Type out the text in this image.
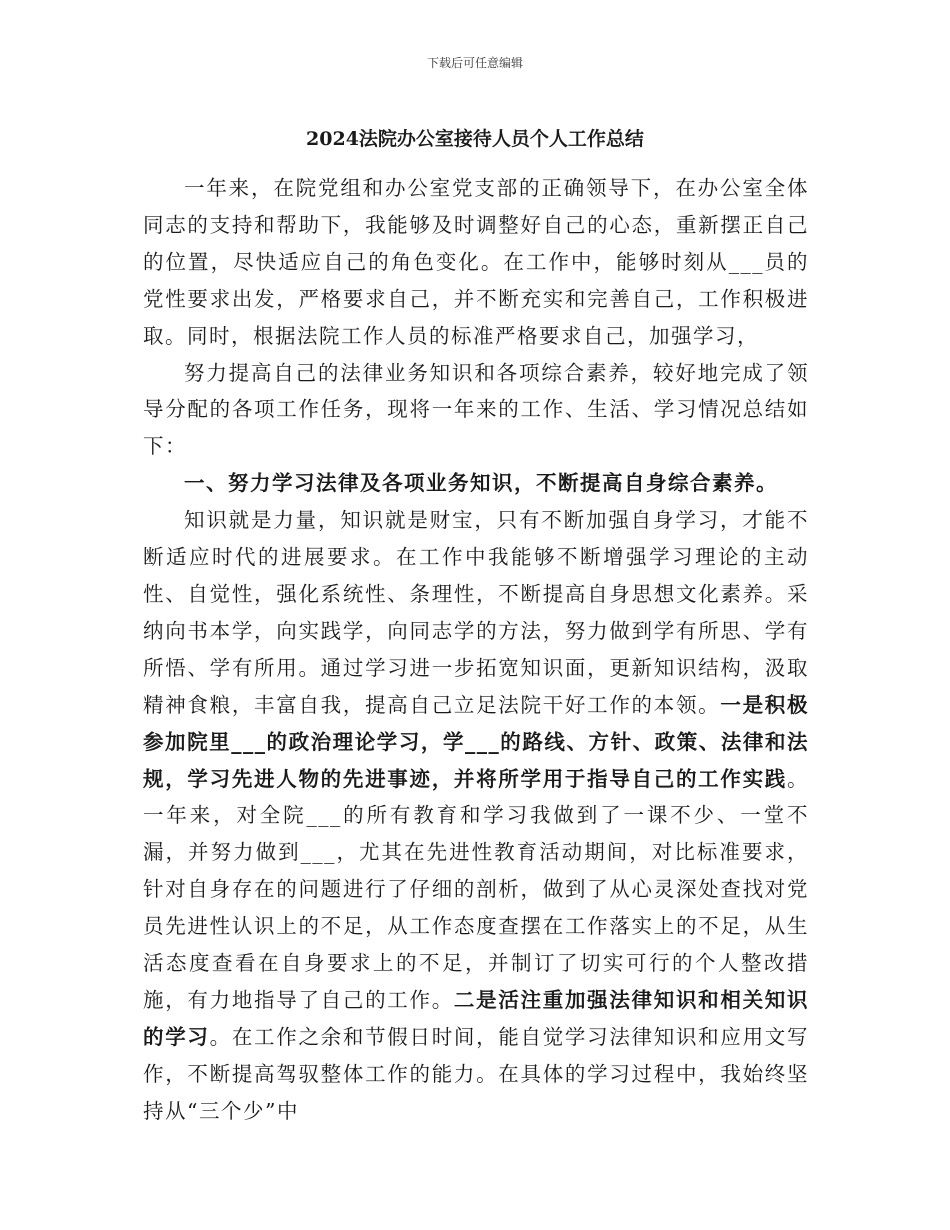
下载后可任意编辑
2024法院办公室接待人员个人工作总结

一年来，在院党组和办公室党支部的正确领导下，在办公室全体同志的支持和帮助下，我能够及时调整好自己的心态，重新摆正自己的位置，尽快适应自己的角色变化。在工作中，能够时刻从___员的党性要求出发，严格要求自己，并不断充实和完善自己，工作积极进取。同时，根据法院工作人员的标准严格要求自己，加强学习，

努力提高自己的法律业务知识和各项综合素养，较好地完成了领导分配的各项工作任务，现将一年来的工作、生活、学习情况总结如下：

一、努力学习法律及各项业务知识，不断提高自身综合素养。

知识就是力量，知识就是财宝，只有不断加强自身学习，才能不断适应时代的进展要求。在工作中我能够不断增强学习理论的主动性、自觉性，强化系统性、条理性，不断提高自身思想文化素养。采纳向书本学，向实践学，向同志学的方法，努力做到学有所思、学有所悟、学有所用。通过学习进一步拓宽知识面，更新知识结构，汲取精神食粮，丰富自我，提高自己立足法院干好工作的本领。一是积极参加院里___的政治理论学习，学___的路线、方针、政策、法律和法规，学习先进人物的先进事迹，并将所学用于指导自己的工作实践。一年来，对全院___的所有教育和学习我做到了一课不少、一堂不漏，并努力做到___，尤其在先进性教育活动期间，对比标准要求，针对自身存在的问题进行了仔细的剖析，做到了从心灵深处查找对党员先进性认识上的不足，从工作态度查摆在工作落实上的不足，从生活态度查看在自身要求上的不足，并制订了切实可行的个人整改措施，有力地指导了自己的工作。二是活注重加强法律知识和相关知识的学习。在工作之余和节假日时间，能自觉学习法律知识和应用文写作，不断提高驾驭整体工作的能力。在具体的学习过程中，我始终坚持从“三个少”中
